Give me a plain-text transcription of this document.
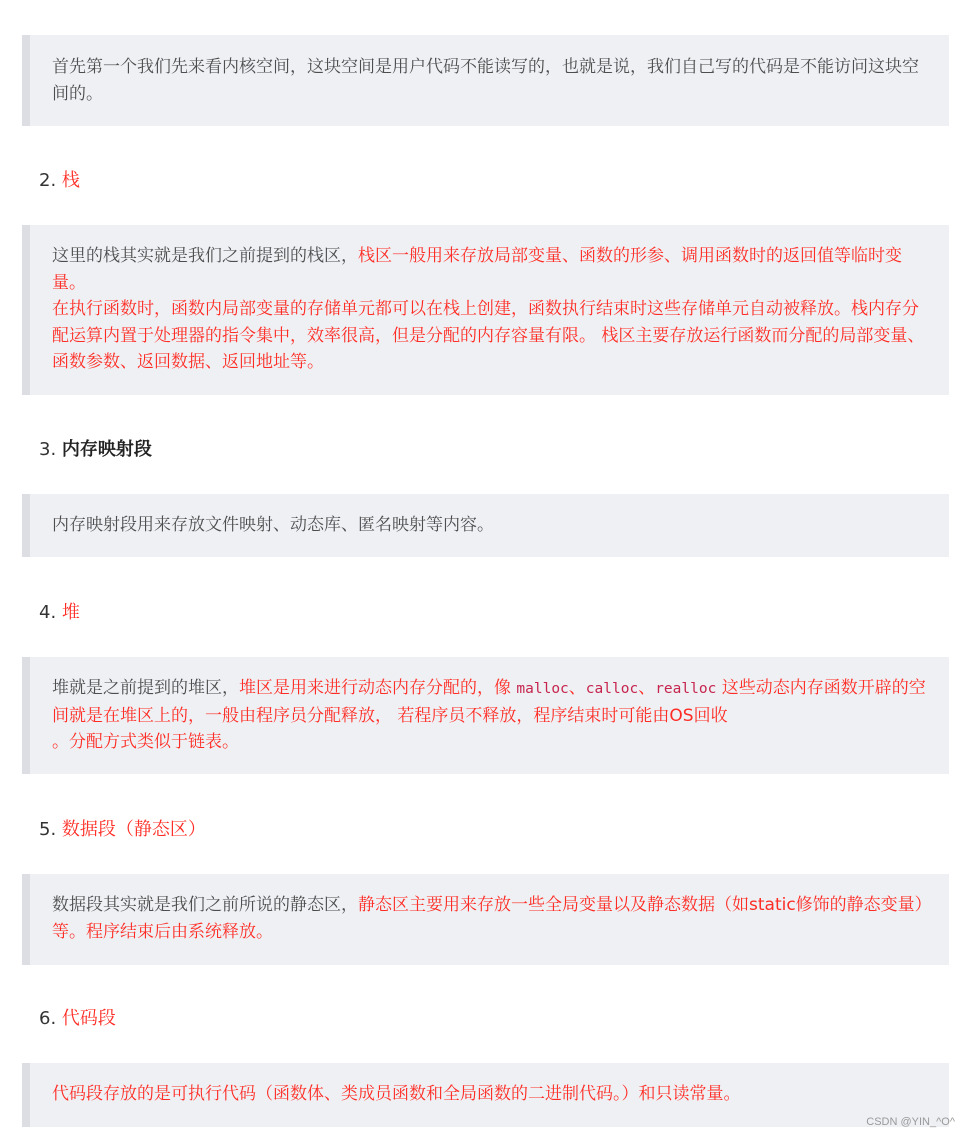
首先第一个我们先来看内核空间，这块空间是用户代码不能读写的，也就是说，我们自己写的代码是不能访问这块空间的。

2. 栈

这里的栈其实就是我们之前提到的栈区，栈区一般用来存放局部变量、函数的形参、调用函数时的返回值等临时变量。

在执行函数时，函数内局部变量的存储单元都可以在栈上创建，函数执行结束时这些存储单元自动被释放。栈内存分配运算内置于处理器的指令集中，效率很高，但是分配的内存容量有限。 栈区主要存放运行函数而分配的局部变量、函数参数、返回数据、返回地址等。

3. 内存映射段

内存映射段用来存放文件映射、动态库、匿名映射等内容。

4. 堆

堆就是之前提到的堆区，堆区是用来进行动态内存分配的，像 malloc、calloc、realloc 这些动态内存函数开辟的空间就是在堆区上的，一般由程序员分配释放， 若程序员不释放，程序结束时可能由OS回收

。分配方式类似于链表。

5. 数据段（静态区）

数据段其实就是我们之前所说的静态区，静态区主要用来存放一些全局变量以及静态数据（如static修饰的静态变量）等。程序结束后由系统释放。

6. 代码段

代码段存放的是可执行代码（函数体、类成员函数和全局函数的二进制代码。）和只读常量。

CSDN @YIN_^O^
